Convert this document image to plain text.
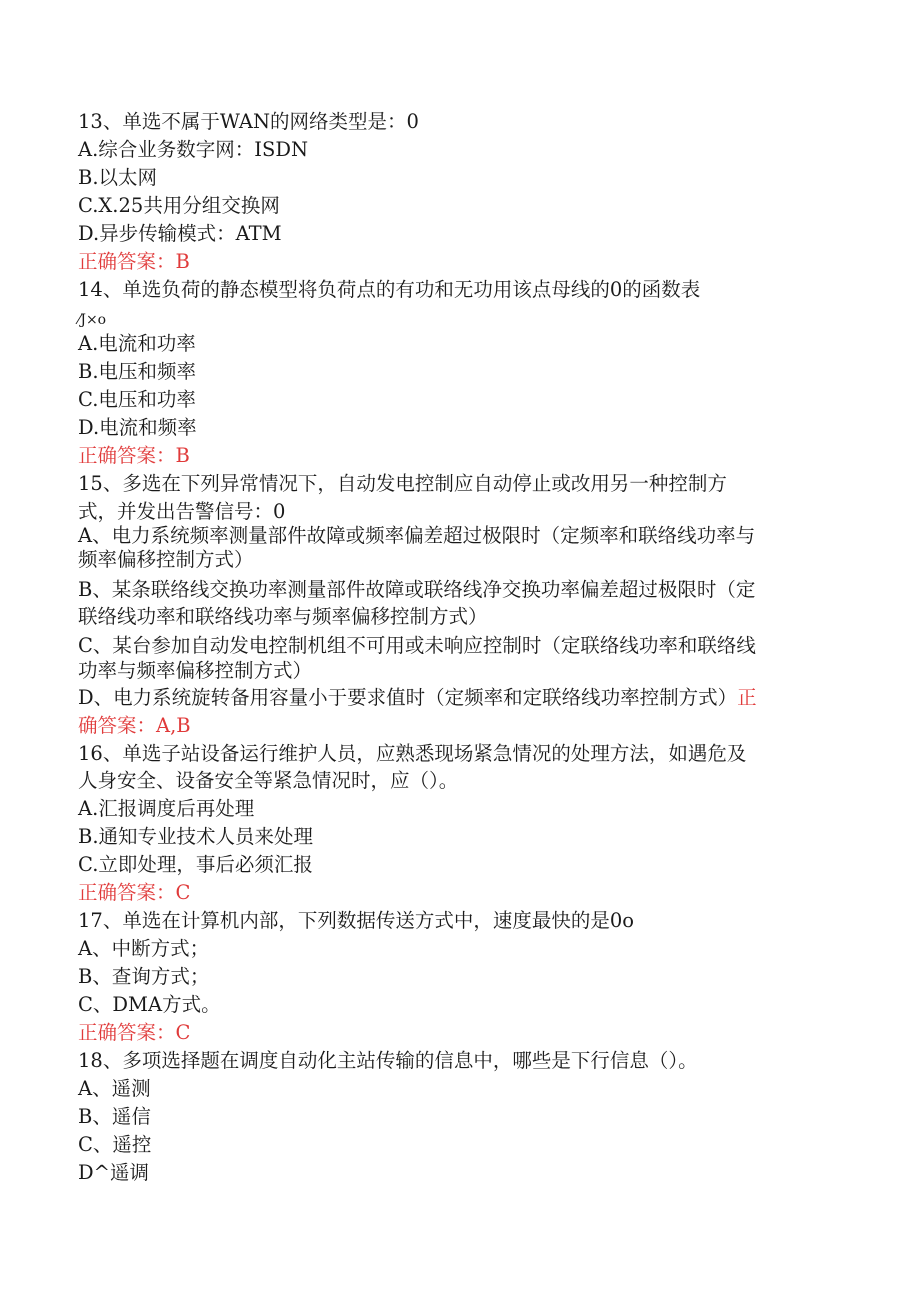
13、单选不属于WAN的网络类型是：0

A.综合业务数字网：ISDN

B.以太网

C.X.25共用分组交换网

D.异步传输模式：ATM

正确答案：B

14、单选负荷的静态模型将负荷点的有功和无功用该点母线的0的函数表

⁄J×o

A.电流和功率

B.电压和频率

C.电压和功率

D.电流和频率

正确答案：B

15、多选在下列异常情况下，自动发电控制应自动停止或改用另一种控制方

式，并发出告警信号：0

A、电力系统频率测量部件故障或频率偏差超过极限时（定频率和联络线功率与

频率偏移控制方式）

B、某条联络线交换功率测量部件故障或联络线净交换功率偏差超过极限时（定

联络线功率和联络线功率与频率偏移控制方式）

C、某台参加自动发电控制机组不可用或未响应控制时（定联络线功率和联络线

功率与频率偏移控制方式）

D、电力系统旋转备用容量小于要求值时（定频率和定联络线功率控制方式）正

确答案：A,B

16、单选子站设备运行维护人员，应熟悉现场紧急情况的处理方法，如遇危及

人身安全、设备安全等紧急情况时，应（）。

A.汇报调度后再处理

B.通知专业技术人员来处理

C.立即处理，事后必须汇报

正确答案：C

17、单选在计算机内部，下列数据传送方式中，速度最快的是0o

A、中断方式；

B、查询方式；

C、DMA方式。

正确答案：C

18、多项选择题在调度自动化主站传输的信息中，哪些是下行信息（）。

A、遥测

B、遥信

C、遥控

D^遥调
